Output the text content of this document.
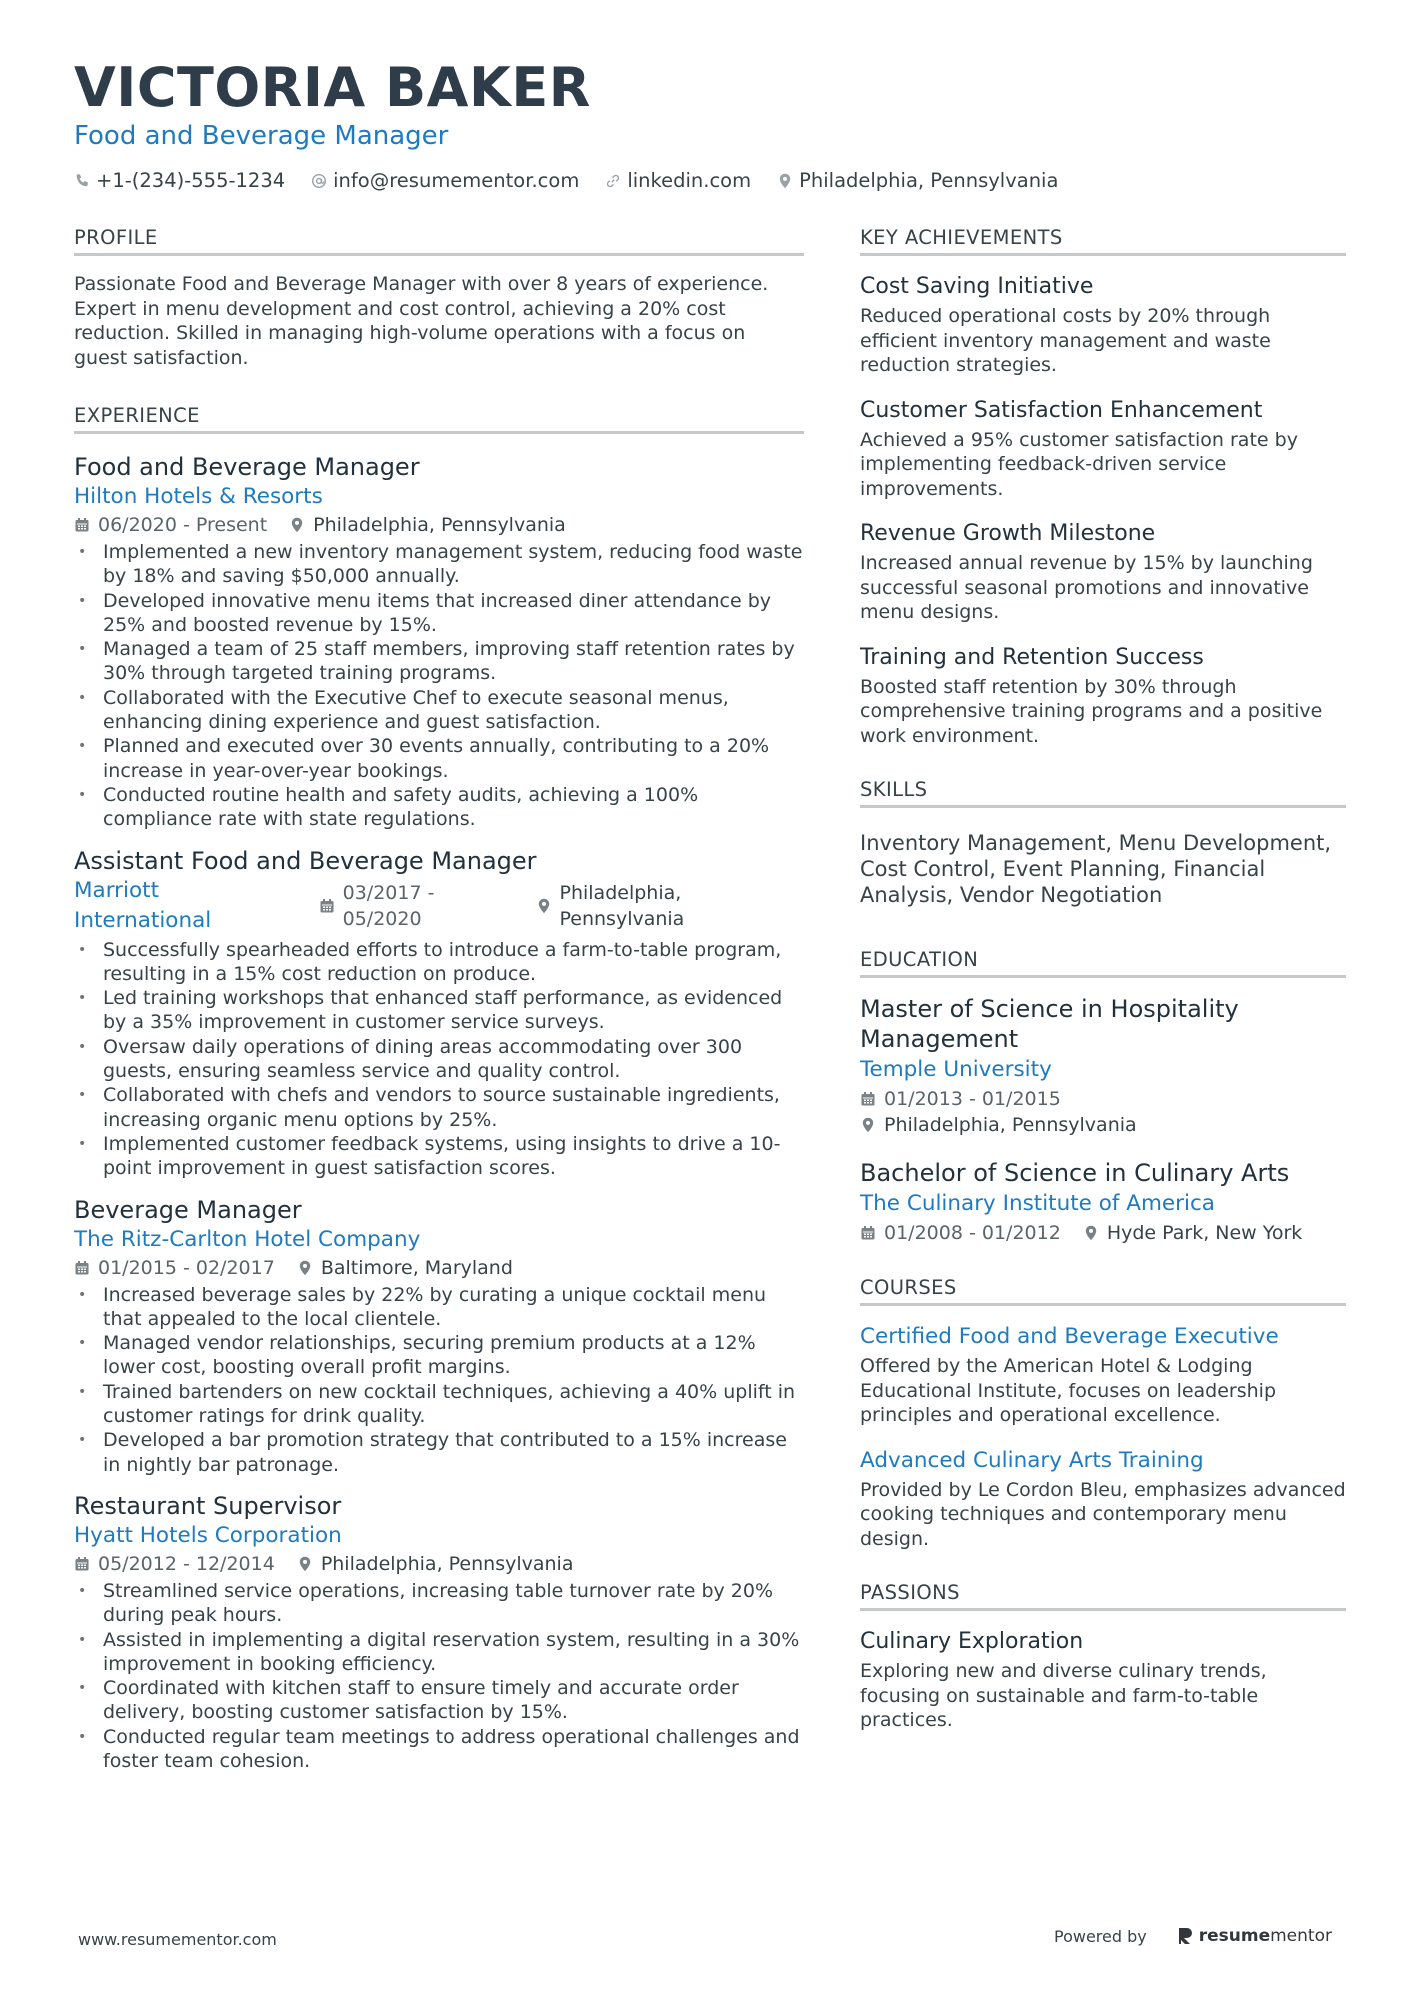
VICTORIA BAKER
Food and Beverage Manager
+1-(234)-555-1234 info@resumementor.com linkedin.com Philadelphia, Pennsylvania
PROFILE
Passionate Food and Beverage Manager with over 8 years of experience. Expert in menu development and cost control, achieving a 20% cost reduction. Skilled in managing high-volume operations with a focus on guest satisfaction.
EXPERIENCE
Food and Beverage Manager
Hilton Hotels & Resorts
06/2020 - Present Philadelphia, Pennsylvania
• Implemented a new inventory management system, reducing food waste by 18% and saving $50,000 annually.
• Developed innovative menu items that increased diner attendance by 25% and boosted revenue by 15%.
• Managed a team of 25 staff members, improving staff retention rates by 30% through targeted training programs.
• Collaborated with the Executive Chef to execute seasonal menus, enhancing dining experience and guest satisfaction.
• Planned and executed over 30 events annually, contributing to a 20% increase in year-over-year bookings.
• Conducted routine health and safety audits, achieving a 100% compliance rate with state regulations.
Assistant Food and Beverage Manager
Marriott International
03/2017 - 05/2020
Philadelphia, Pennsylvania
• Successfully spearheaded efforts to introduce a farm-to-table program, resulting in a 15% cost reduction on produce.
• Led training workshops that enhanced staff performance, as evidenced by a 35% improvement in customer service surveys.
• Oversaw daily operations of dining areas accommodating over 300 guests, ensuring seamless service and quality control.
• Collaborated with chefs and vendors to source sustainable ingredients, increasing organic menu options by 25%.
• Implemented customer feedback systems, using insights to drive a 10-point improvement in guest satisfaction scores.
Beverage Manager
The Ritz-Carlton Hotel Company
01/2015 - 02/2017 Baltimore, Maryland
• Increased beverage sales by 22% by curating a unique cocktail menu that appealed to the local clientele.
• Managed vendor relationships, securing premium products at a 12% lower cost, boosting overall profit margins.
• Trained bartenders on new cocktail techniques, achieving a 40% uplift in customer ratings for drink quality.
• Developed a bar promotion strategy that contributed to a 15% increase in nightly bar patronage.
Restaurant Supervisor
Hyatt Hotels Corporation
05/2012 - 12/2014 Philadelphia, Pennsylvania
• Streamlined service operations, increasing table turnover rate by 20% during peak hours.
• Assisted in implementing a digital reservation system, resulting in a 30% improvement in booking efficiency.
• Coordinated with kitchen staff to ensure timely and accurate order delivery, boosting customer satisfaction by 15%.
• Conducted regular team meetings to address operational challenges and foster team cohesion.
KEY ACHIEVEMENTS
Cost Saving Initiative
Reduced operational costs by 20% through efficient inventory management and waste reduction strategies.
Customer Satisfaction Enhancement
Achieved a 95% customer satisfaction rate by implementing feedback-driven service improvements.
Revenue Growth Milestone
Increased annual revenue by 15% by launching successful seasonal promotions and innovative menu designs.
Training and Retention Success
Boosted staff retention by 30% through comprehensive training programs and a positive work environment.
SKILLS
Inventory Management, Menu Development, Cost Control, Event Planning, Financial Analysis, Vendor Negotiation
EDUCATION
Master of Science in Hospitality Management
Temple University
01/2013 - 01/2015
Philadelphia, Pennsylvania
Bachelor of Science in Culinary Arts
The Culinary Institute of America
01/2008 - 01/2012 Hyde Park, New York
COURSES
Certified Food and Beverage Executive
Offered by the American Hotel & Lodging Educational Institute, focuses on leadership principles and operational excellence.
Advanced Culinary Arts Training
Provided by Le Cordon Bleu, emphasizes advanced cooking techniques and contemporary menu design.
PASSIONS
Culinary Exploration
Exploring new and diverse culinary trends, focusing on sustainable and farm-to-table practices.
www.resumementor.com	Powered by	resumementor
